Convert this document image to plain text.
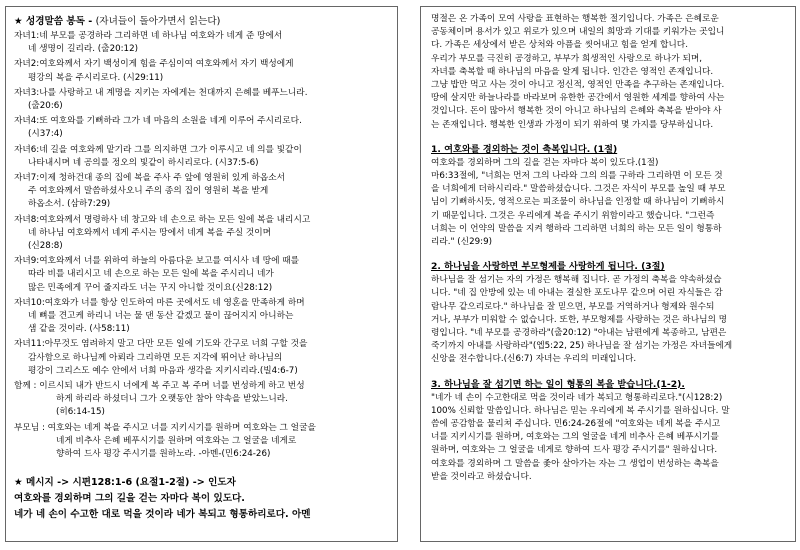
★ 성경말씀 봉독 - (자녀들이 돌아가면서 읽는다)
자녀1:네 부모를 공경하라 그리하면 네 하나님 여호와가 네게 준 땅에서
네 생명이 길리라. (출20:12)
자녀2:여호와께서 자기 백성이게 힘을 주심이여 여호와께서 자기 백성에게
평강의 복을 주시리로다. (시29:11)
자녀3:나를 사랑하고 내 계명을 지키는 자에게는 천대까지 은혜를 베푸느니라.
(출20:6)
자녀4:또 여호와를 기뻐하라 그가 네 마음의 소원을 네게 이루어 주시리로다.
(시37:4)
자녀6:네 길을 여호와께 맡기라 그를 의지하면 그가 이루시고 네 의를 빛같이
나타내시며 네 공의를 정오의 빛같이 하시리로다. (시37:5-6)
자녀7:이제 청하건대 종의 집에 복을 주사 주 앞에 영원히 있게 하옵소서
주 여호와께서 말씀하셨사오니 주의 종의 집이 영원히 복을 받게
하옵소서. (삼하7:29)
자녀8:여호와께서 명령하사 네 창고와 네 손으로 하는 모든 일에 복을 내리시고
네 하나님 여호와께서 네게 주시는 땅에서 네게 복을 주실 것이며
(신28:8)
자녀9:여호와께서 너를 위하여 하늘의 아름다운 보고를 여시사 네 땅에 때를
따라 비를 내리시고 네 손으로 하는 모든 일에 복을 주시리니 네가
많은 민족에게 꾸어 줄지라도 너는 꾸지 아니할 것이요(신28:12)
자녀10:여호와가 너를 항상 인도하여 마른 곳에서도 네 영혼을 만족하게 하며
네 뼈를 견고케 하리니 너는 물 댄 동산 같겠고 물이 끊어지지 아니하는
샘 같을 것이라. (사58:11)
자녀11:아무것도 염려하지 말고 다만 모든 일에 기도와 간구로 너희 구할 것을
감사함으로 하나님께 아뢰라 그리하면 모든 지각에 뛰어난 하나님의
평강이 그리스도 예수 안에서 너희 마음과 생각을 지키시리라.(빌4:6-7)
함께 : 이르시되 내가 반드시 너에게 복 주고 복 주며 너를 번성하게 하고 번성
하게 하리라 하셨더니 그가 오랫동안 참아 약속을 받았느니라.
(히6:14-15)
부모님 : 여호와는 네게 복을 주시고 너를 지키시기를 원하며 여호와는 그 얼굴을
네게 비추사 은혜 베푸시기를 원하며 여호와는 그 얼굴을 네게로
향하여 드사 평강 주시기를 원하노라. -아멘-(민6:24-26)
★ 메시지 -> 시편128:1-6 (요절1-2절) -> 인도자
여호와를 경외하며 그의 길을 걷는 자마다 복이 있도다.
네가 네 손이 수고한 대로 먹을 것이라 네가 복되고 형통하리로다. 아멘
명절은 온 가족이 모여 사랑을 표현하는 행복한 절기입니다. 가족은 은혜로운
공동체이며 용서가 있고 위로가 있으며 내일의 희망과 기대를 키워가는 곳입니
다. 가족은 세상에서 받은 상처와 아픔을 씻어내고 힘을 얻게 합니다.
우리가 부모를 극진히 공경하고, 부부가 희생적인 사랑으로 하나가 되며,
자녀를 축복할 때 하나님의 마음을 알게 됩니다. 인간은 영적인 존재입니다.
그냥 밥만 먹고 사는 것이 아니고 정신적, 영적인 만족을 추구하는 존재입니다.
땅에 살지만 하늘나라를 바라보며 유한한 공간에서 영원한 세계를 향하여 사는
것입니다. 돈이 많아서 행복한 것이 아니고 하나님의 은혜와 축복을 받아야 사
는 존재입니다. 행복한 인생과 가정이 되기 위하여 몇 가지를 당부하십니다.
1. 여호와를 경외하는 것이 축복입니다. (1절)
여호와를 경외하며 그의 길을 걷는 자마다 복이 있도다.(1절)
마6:33절에, "너희는 먼저 그의 나라와 그의 의를 구하라 그리하면 이 모든 것
을 너희에게 더하시리라." 말씀하셨습니다. 그것은 자식이 부모를 높일 때 부모
님이 기뻐하시듯, 영적으로는 피조물이 하나님을 인정할 때 하나님이 기뻐하시
기 때문입니다. 그것은 우리에게 복을 주시기 위함이라고 했습니다. "그런즉
너희는 이 언약의 말씀을 지켜 행하라 그리하면 너희의 하는 모든 일이 형통하
리라." (신29:9)
2. 하나님을 사랑하면 부모형제를 사랑하게 됩니다. (3절)
하나님을 잘 섬기는 자의 가정은 행복해 집니다. 곧 가정의 축복을 약속하셨습
니다. "네 집 안방에 있는 네 아내는 결실한 포도나무 같으며 어린 자식들은 감
람나무 같으리로다." 하나님을 잘 믿으면, 부모를 거역하거나 형제와 원수되
거나, 부부가 미워할 수 없습니다. 또한, 부모형제를 사랑하는 것은 하나님의 명
령입니다. "네 부모를 공경하라"(출20:12) "아내는 남편에게 복종하고, 남편은
죽기까지 아내를 사랑하라"(엡5:22, 25) 하나님을 잘 섬기는 가정은 자녀들에게
신앙을 전수합니다.(신6:7) 자녀는 우리의 미래입니다.
3. 하나님을 잘 섬기면 하는 일이 형통의 복을 받습니다.(1-2).
"네가 네 손이 수고한대로 먹을 것이라 네가 복되고 형통하리로다."(시128:2)
100% 신뢰할 말씀입니다. 하나님은 믿는 우리에게 복 주시기를 원하십니다. 말
씀에 공감함을 물리쳐 주십니다. 민6:24-26절에 "여호와는 네게 복을 주시고
너를 지키시기를 원하며, 여호와는 그의 얼굴을 네게 비추사 은혜 베푸시기를
원하며, 여호와는 그 얼굴을 네게로 향하여 드사 평강 주시기를" 원하십니다.
여호와를 경외하며 그 말씀을 좇아 살아가는 자는 그 생업이 번성하는 축복을
받을 것이라고 하셨습니다.
